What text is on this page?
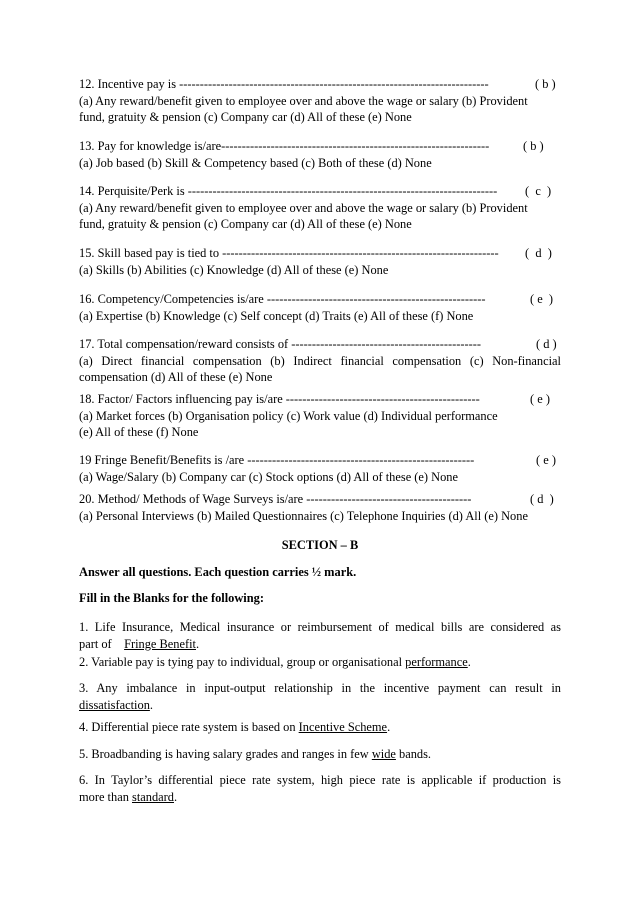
12. Incentive pay is ---------------------------------------------------------------------------	( b )
(a) Any reward/benefit given to employee over and above the wage or salary (b) Provident
fund, gratuity & pension (c) Company car (d) All of these (e) None
13. Pay for knowledge is/are-----------------------------------------------------------------	( b )
(a) Job based (b) Skill & Competency based (c) Both of these (d) None
14. Perquisite/Perk is --------------------------------------------------------------------------- (  c  )
(a) Any reward/benefit given to employee over and above the wage or salary (b) Provident
fund, gratuity & pension (c) Company car (d) All of these (e) None
15. Skill based pay is tied to ------------------------------------------------------------------- (  d  )
(a) Skills (b) Abilities (c) Knowledge (d) All of these (e) None
16. Competency/Competencies is/are -----------------------------------------------------	( e  )
(a) Expertise (b) Knowledge (c) Self concept (d) Traits (e) All of these (f) None
17. Total compensation/reward consists of ----------------------------------------------	( d )
(a) Direct financial compensation (b) Indirect financial compensation (c) Non-financial
compensation (d) All of these (e) None
18. Factor/ Factors influencing pay is/are -----------------------------------------------	( e )
(a) Market forces (b) Organisation policy (c) Work value (d) Individual performance
(e) All of these (f) None
19 Fringe Benefit/Benefits is /are -------------------------------------------------------	( e )
(a) Wage/Salary (b) Company car (c) Stock options (d) All of these (e) None
20. Method/ Methods of Wage Surveys is/are ----------------------------------------	( d  )
(a) Personal Interviews (b) Mailed Questionnaires (c) Telephone Inquiries (d) All (e) None
SECTION – B
Answer all questions. Each question carries ½ mark.
Fill in the Blanks for the following:
1. Life Insurance, Medical insurance or reimbursement of medical bills are considered as
part of    Fringe Benefit.
2. Variable pay is tying pay to individual, group or organisational performance.
3. Any imbalance in input-output relationship in the incentive payment can result in
dissatisfaction.
4. Differential piece rate system is based on Incentive Scheme.
5. Broadbanding is having salary grades and ranges in few wide bands.
6. In Taylor’s differential piece rate system, high piece rate is applicable if production is
more than standard.
